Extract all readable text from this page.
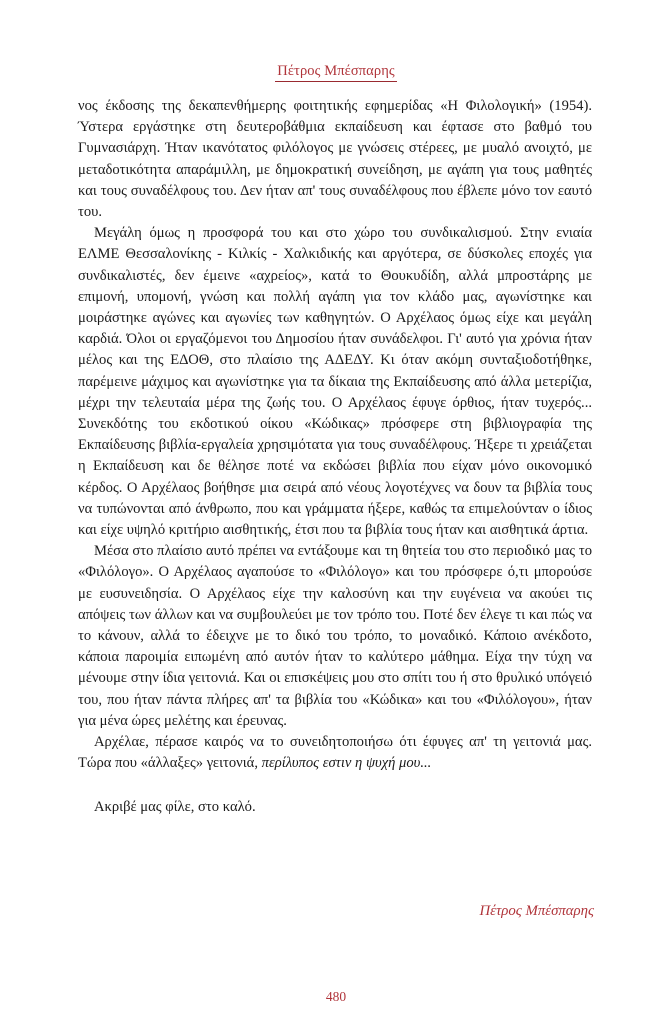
Πέτρος Μπέσπαρης

νος έκδοσης της δεκαπενθήμερης φοιτητικής εφημερίδας «Η Φιλολογική» (1954). Ύστερα εργάστηκε στη δευτεροβάθμια εκπαίδευση και έφτασε στο βαθμό του Γυμνασιάρχη. Ήταν ικανότατος φιλόλογος με γνώσεις στέρεες, με μυαλό ανοιχτό, με μεταδοτικότητα απαράμιλλη, με δημοκρατική συνείδηση, με αγάπη για τους μαθητές και τους συναδέλφους του. Δεν ήταν απ' τους συναδέλφους που έβλεπε μόνο τον εαυτό του.

Μεγάλη όμως η προσφορά του και στο χώρο του συνδικαλισμού. Στην ενιαία ΕΛΜΕ Θεσσαλονίκης - Κιλκίς - Χαλκιδικής και αργότερα, σε δύσκολες εποχές για συνδικαλιστές, δεν έμεινε «αχρείος», κατά το Θουκυδίδη, αλλά μπροστάρης με επιμονή, υπομονή, γνώση και πολλή αγάπη για τον κλάδο μας, αγωνίστηκε και μοιράστηκε αγώνες και αγωνίες των καθηγητών. Ο Αρχέλαος όμως είχε και μεγάλη καρδιά. Όλοι οι εργαζόμενοι του Δημοσίου ήταν συνάδελφοι. Γι' αυτό για χρόνια ήταν μέλος και της ΕΔΟΘ, στο πλαίσιο της ΑΔΕΔΥ. Κι όταν ακόμη συνταξιοδοτήθηκε, παρέμεινε μάχιμος και αγωνίστηκε για τα δίκαια της Εκπαίδευσης από άλλα μετερίζια, μέχρι την τελευταία μέρα της ζωής του. Ο Αρχέλαος έφυγε όρθιος, ήταν τυχερός... Συνεκδότης του εκδοτικού οίκου «Κώδικας» πρόσφερε στη βιβλιογραφία της Εκπαίδευσης βιβλία-εργαλεία χρησιμότατα για τους συναδέλφους. Ήξερε τι χρειάζεται η Εκπαίδευση και δε θέλησε ποτέ να εκδώσει βιβλία που είχαν μόνο οικονομικό κέρδος. Ο Αρχέλαος βοήθησε μια σειρά από νέους λογοτέχνες να δουν τα βιβλία τους να τυπώνονται από άνθρωπο, που και γράμματα ήξερε, καθώς τα επιμελούνταν ο ίδιος και είχε υψηλό κριτήριο αισθητικής, έτσι που τα βιβλία τους ήταν και αισθητικά άρτια.

Μέσα στο πλαίσιο αυτό πρέπει να εντάξουμε και τη θητεία του στο περιοδικό μας το «Φιλόλογο». Ο Αρχέλαος αγαπούσε το «Φιλόλογο» και του πρόσφερε ό,τι μπορούσε με ευσυνειδησία. Ο Αρχέλαος είχε την καλοσύνη και την ευγένεια να ακούει τις απόψεις των άλλων και να συμβουλεύει με τον τρόπο του. Ποτέ δεν έλεγε τι και πώς να το κάνουν, αλλά το έδειχνε με το δικό του τρόπο, το μοναδικό. Κάποιο ανέκδοτο, κάποια παροιμία ειπωμένη από αυτόν ήταν το καλύτερο μάθημα. Είχα την τύχη να μένουμε στην ίδια γειτονιά. Και οι επισκέψεις μου στο σπίτι του ή στο θρυλικό υπόγειό του, που ήταν πάντα πλήρες απ' τα βιβλία του «Κώδικα» και του «Φιλόλογου», ήταν για μένα ώρες μελέτης και έρευνας.

Αρχέλαε, πέρασε καιρός να το συνειδητοποιήσω ότι έφυγες απ' τη γειτονιά μας. Τώρα που «άλλαξες» γειτονιά, περίλυπος εστιν η ψυχή μου...

Ακριβέ μας φίλε, στο καλό.

Πέτρος Μπέσπαρης
480
